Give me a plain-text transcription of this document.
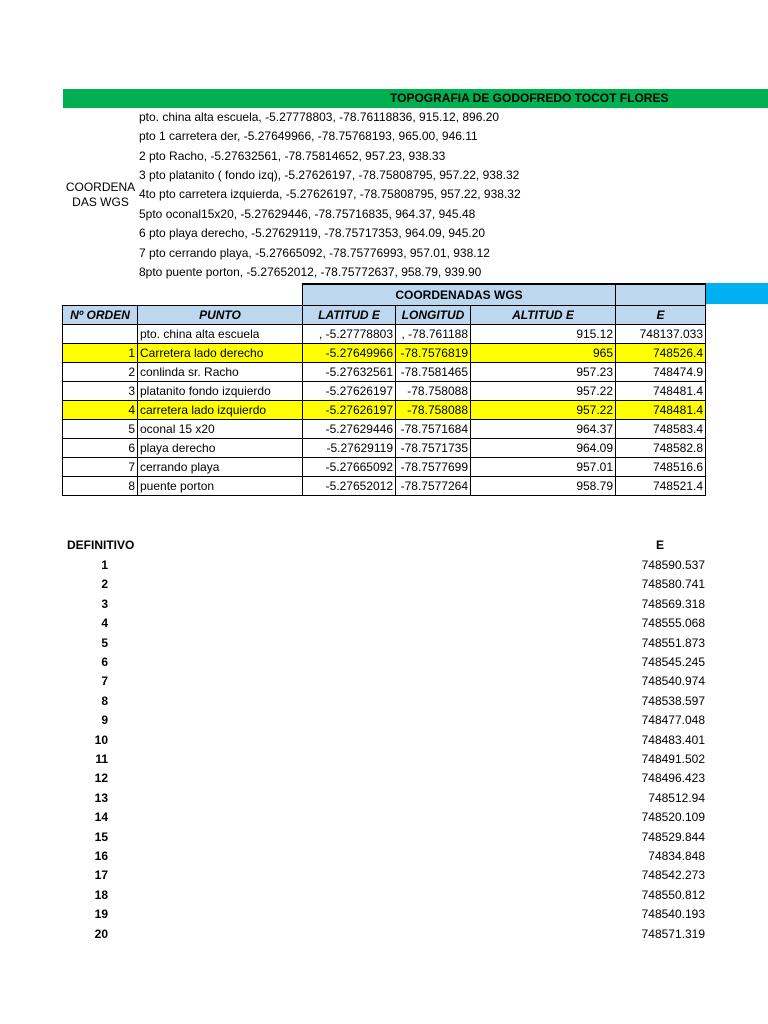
TOPOGRAFIA DE GODOFREDO TOCOT FLORES
COORDENA
DAS WGS
pto. china alta escuela, -5.27778803, -78.76118836, 915.12, 896.20
pto 1 carretera der, -5.27649966, -78.75768193, 965.00, 946.11
2 pto Racho, -5.27632561, -78.75814652, 957.23, 938.33
3 pto platanito ( fondo izq), -5.27626197, -78.75808795, 957.22, 938.32
4to pto carretera izquierda, -5.27626197, -78.75808795, 957.22, 938.32
5pto oconal15x20, -5.27629446, -78.75716835, 964.37, 945.48
6 pto playa derecho, -5.27629119, -78.75717353, 964.09, 945.20
7 pto cerrando playa, -5.27665092, -78.75776993, 957.01, 938.12
8pto puente porton, -5.27652012, -78.75772637, 958.79, 939.90
		COORDENADAS WGS			
Nº ORDEN	PUNTO	LATITUD E	LONGITUD	ALTITUD E	E
	pto. china alta escuela	, -5.27778803	, -78.761188	915.12	748137.033
1	Carretera lado derecho	-5.27649966	-78.7576819	965	748526.4
2	conlinda sr. Racho	-5.27632561	-78.7581465	957.23	748474.9
3	platanito fondo izquierdo	-5.27626197	-78.758088	957.22	748481.4
4	carretera lado izquierdo	-5.27626197	-78.758088	957.22	748481.4
5	oconal 15 x20	-5.27629446	-78.7571684	964.37	748583.4
6	playa derecho	-5.27629119	-78.7571735	964.09	748582.8
7	cerrando playa	-5.27665092	-78.7577699	957.01	748516.6
8	puente porton	-5.27652012	-78.7577264	958.79	748521.4
DEFINITIVO	E
1	748590.537
2	748580.741
3	748569.318
4	748555.068
5	748551.873
6	748545.245
7	748540.974
8	748538.597
9	748477.048
10	748483.401
11	748491.502
12	748496.423
13	748512.94
14	748520.109
15	748529.844
16	74834.848
17	748542.273
18	748550.812
19	748540.193
20	748571.319
